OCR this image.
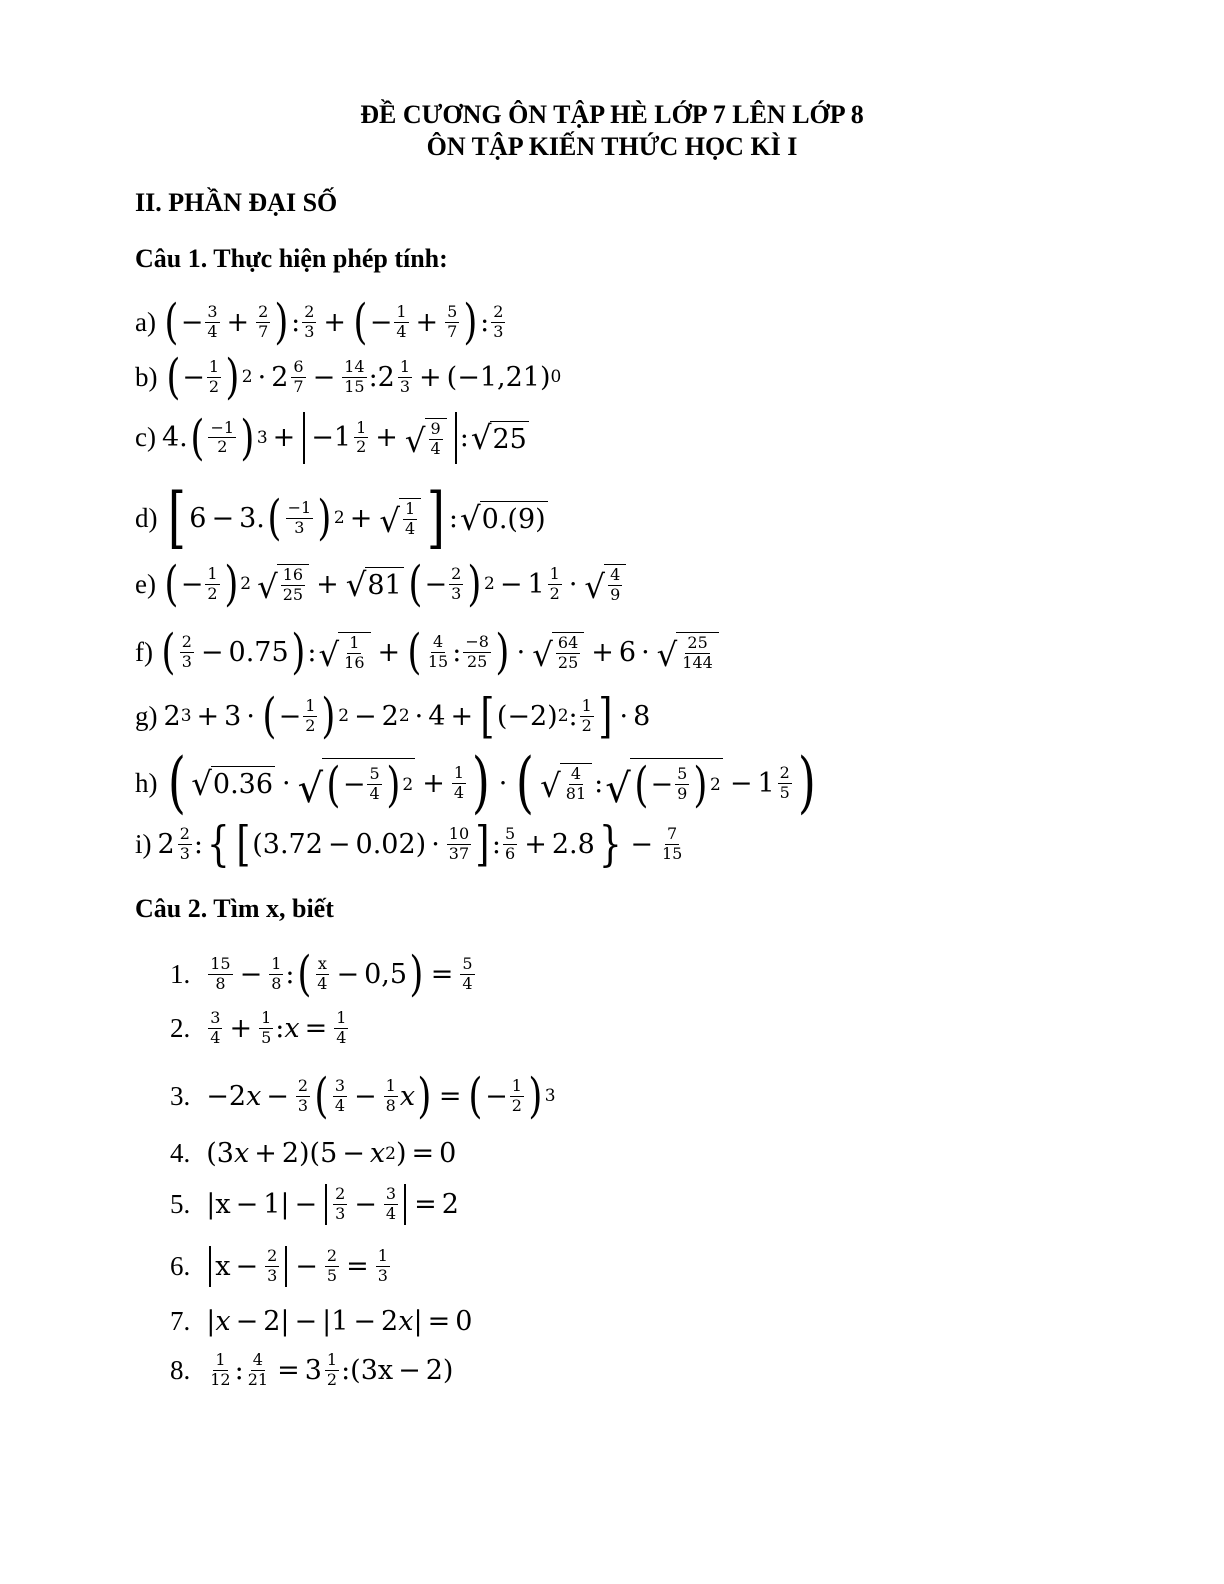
ĐỀ CƯƠNG ÔN TẬP HÈ LỚP 7 LÊN LỚP 8
ÔN TẬP KIẾN THỨC HỌC KÌ I
II. PHẦN ĐẠI SỐ
Câu 1. Thực hiện phép tính:
a) ( − $\frac{3}{4} + \frac{2}{7}$ ) : $\frac{2}{3}$ + ( − $\frac{1}{4} + \frac{5}{7}$ ) : $\frac{2}{3}$
b) ( − $\frac{1}{2}$ ) $2 \cdot 2 \frac{6}{7} - \frac{14}{15}$ : $2 \frac{1}{3} + (-1,21)$ 0
c) 4. ( $\frac{-1}{2}$ ) 3 + − $1 \frac{1}{2}$ + √ $\frac{9}{4}$ : √ 25
d) [ 6 − 3. ( $\frac{-1}{3}$ ) 2 + √ $\frac{1}{4}$ ] : √ 0.(9)
e) ( − $\frac{1}{2}$ ) 2 √ $\frac{16}{25}$ + √ 81 ( − $\frac{2}{3}$ ) $2 - 1 \frac{1}{2}$ · √ $\frac{4}{9}$
f) ( $\frac{2}{3} - 0.75$ ) : √ $\frac{1}{16}$ + ( $\frac{4}{15}$ : $\frac{-8}{25}$ ) · √ $\frac{64}{25} + 6$ · √ $\frac{25}{144}$
g) 2 3 + 3 · ( − $\frac{1}{2}$ ) 2 − 2 2 · 4 + [ (−2) 2 : $\frac{1}{2}$ ] · 8
h) ( √ 0.36 · √ ( − $\frac{5}{4}$ ) $2 + \frac{1}{4}$ ) · ( √ $\frac{4}{81}$ : √ ( − $\frac{5}{9}$ ) $2 - 1 \frac{2}{5}$ )
i) $2 \frac{2}{3}$ : { [ $(3.72 - 0.02) \cdot \frac{10}{37}$ ] : $\frac{5}{6} + 2.8$ } − $\frac{7}{15}$
Câu 2. Tìm x, biết
1. $\frac{15}{8} - \frac{1}{8}$ : ( $\frac{x}{4} - 0,5$ ) = $\frac{5}{4}$
2. $\frac{3}{4} + \frac{1}{5}$ : $x = \frac{1}{4}$
3. −2 $x - \frac{2}{3}$ ( $\frac{3}{4} - \frac{1}{8}$ x ) = ( − $\frac{1}{2}$ ) 3
4. (3 x + 2)(5 − x 2 ) = 0
5. $|x - 1| - \frac{2}{3} - \frac{3}{4} = 2$
6. $x - \frac{2}{3} - \frac{2}{5} = \frac{1}{3}$
7. | x − 2| − |1 − 2 x | = 0
8. $\frac{1}{12}$ : $\frac{4}{21} = 3 \frac{1}{2}$ :(3x − 2)
